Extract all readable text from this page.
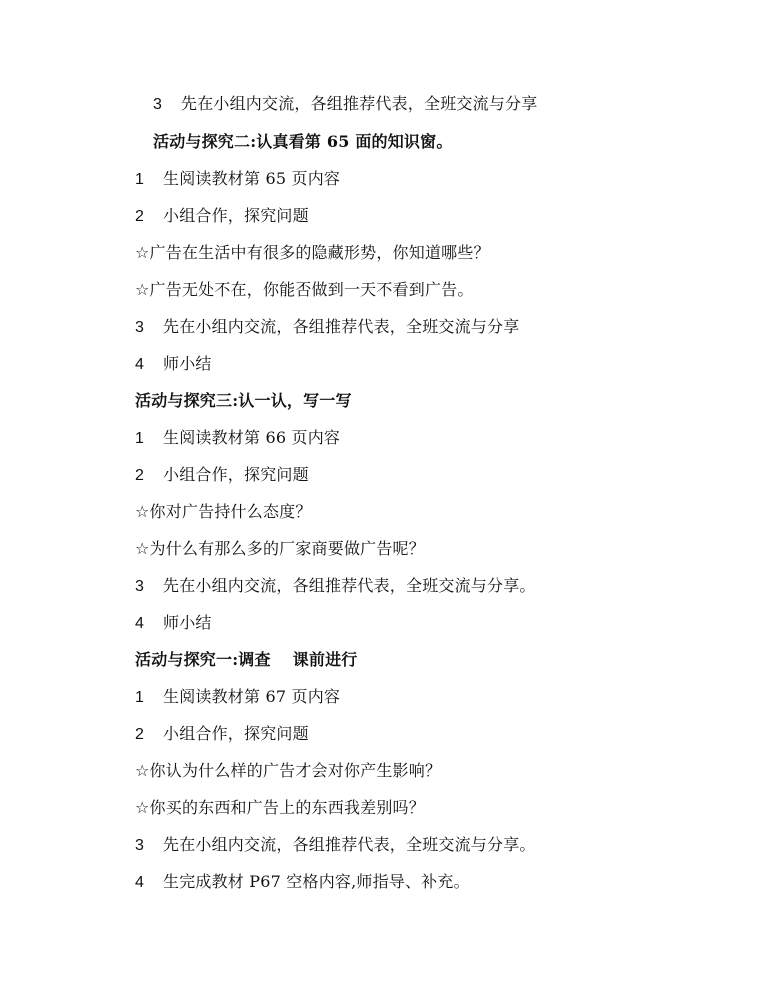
3 先在小组内交流，各组推荐代表，全班交流与分享
活动与探究二:认真看第 65 面的知识窗。
1 生阅读教材第 65 页内容
2 小组合作，探究问题
☆广告在生活中有很多的隐藏形势，你知道哪些？
☆广告无处不在，你能否做到一天不看到广告。
3 先在小组内交流，各组推荐代表，全班交流与分享
4 师小结
活动与探究三:认一认，写一写
1 生阅读教材第 66 页内容
2 小组合作，探究问题
☆你对广告持什么态度？
☆为什么有那么多的厂家商要做广告呢？
3 先在小组内交流，各组推荐代表，全班交流与分享。
4 师小结
活动与探究一:调查　 课前进行
1 生阅读教材第 67 页内容
2 小组合作，探究问题
☆你认为什么样的广告才会对你产生影响？
☆你买的东西和广告上的东西我差别吗？
3 先在小组内交流，各组推荐代表，全班交流与分享。
4 生完成教材 P67 空格内容,师指导、补充。
